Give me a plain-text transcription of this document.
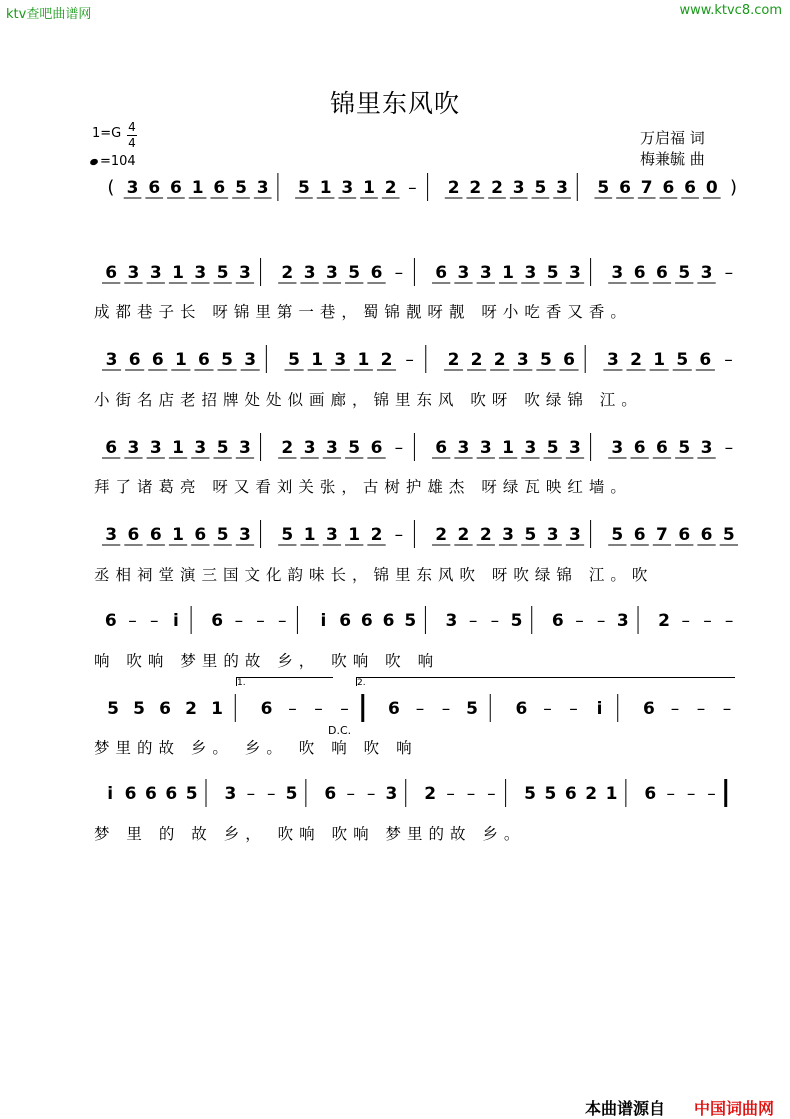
ktv查吧曲谱网	www.ktvc8.com
锦里东风吹
1=G 4
4
=104
万启福 词
梅兼毓 曲
( 3 6 6 1 6 5 3 5 1 3 1 2 – 2 2 2 3 5 3 5 6 7 6 6 0 )
6 3 3 1 3 5 3 2 3 3 5 6 – 6 3 3 1 3 5 3 3 6 6 5 3 –
成都巷子长 呀锦里第一巷，蜀锦靓呀靓 呀小吃香又香。
3 6 6 1 6 5 3 5 1 3 1 2 – 2 2 2 3 5 6 3 2 1 5 6 –
小街名店老招牌处处似画廊，锦里东风 吹呀 吹绿锦 江。
6 3 3 1 3 5 3 2 3 3 5 6 – 6 3 3 1 3 5 3 3 6 6 5 3 –
拜了诸葛亮 呀又看刘关张，古树护雄杰 呀绿瓦映红墙。
3 6 6 1 6 5 3 5 1 3 1 2 – 2 2 2 3 5 3 3 5 6 7 6 6 5
丞相祠堂演三国文化韵味长，锦里东风吹 呀吹绿锦 江。吹
6 – – i 6 – – – i 6 6 6 5 3 – – 5 6 – – 3 2 – – –
响 吹响 梦里的故 乡， 吹响 吹 响
5 5 6 2 1 6 – – – 6 – – 5 6 – – i 6 – – –
梦里的故 乡。 乡。 吹 响 吹 响
i 6 6 6 5 3 – – 5 6 – – 3 2 – – – 5 5 6 2 1 6 – – –
梦 里 的 故 乡， 吹响 吹响 梦里的故 乡。
本曲谱源自 中国词曲网
D.C.
1.	2.
